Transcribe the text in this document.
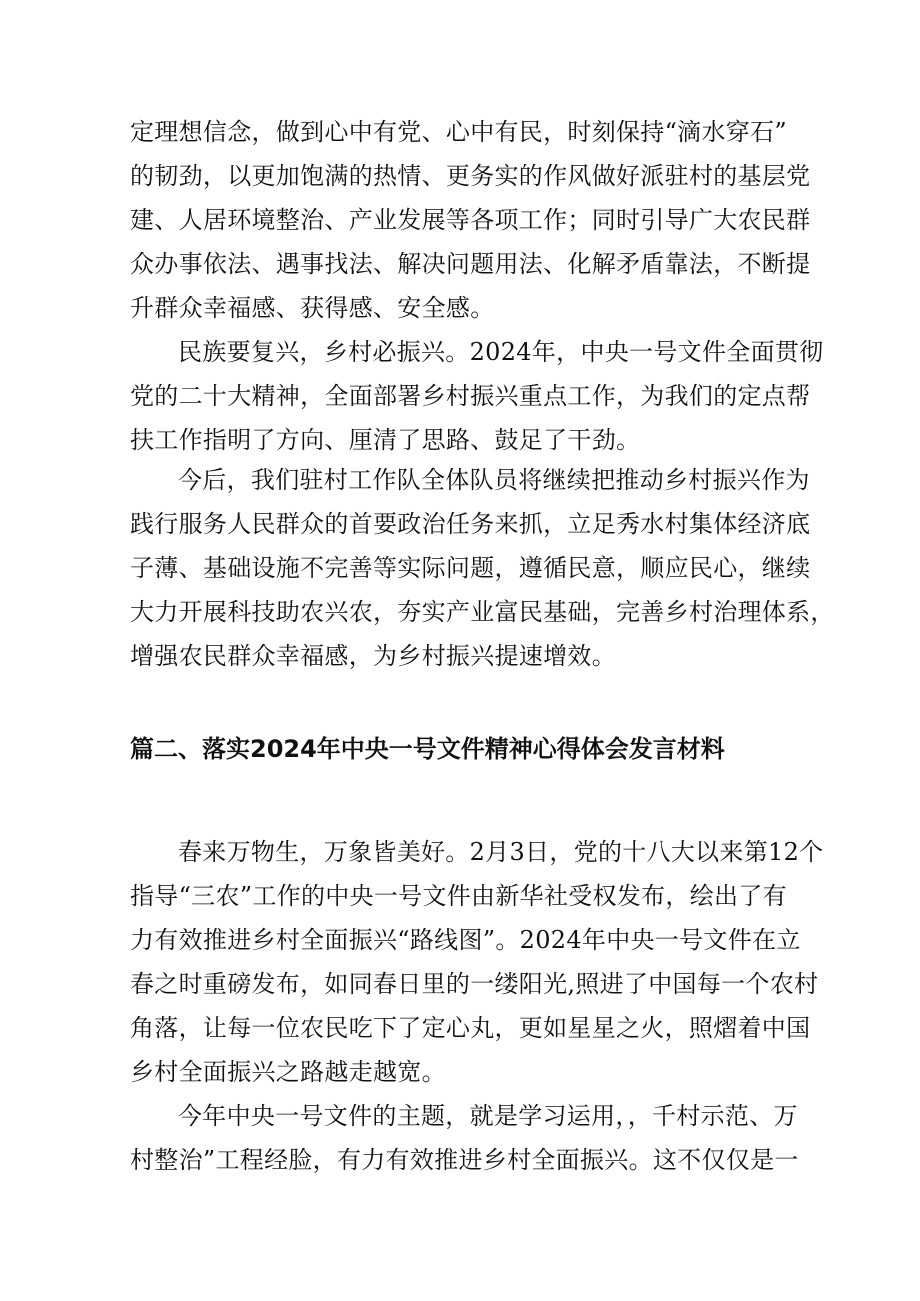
定理想信念，做到心中有党、心中有民，时刻保持“滴水穿石”
的韧劲，以更加饱满的热情、更务实的作风做好派驻村的基层党
建、人居环境整治、产业发展等各项工作；同时引导广大农民群
众办事依法、遇事找法、解决问题用法、化解矛盾靠法，不断提
升群众幸福感、获得感、安全感。
民族要复兴，乡村必振兴。2024年，中央一号文件全面贯彻
党的二十大精神，全面部署乡村振兴重点工作，为我们的定点帮
扶工作指明了方向、厘清了思路、鼓足了干劲。
今后，我们驻村工作队全体队员将继续把推动乡村振兴作为
践行服务人民群众的首要政治任务来抓，立足秀水村集体经济底
子薄、基础设施不完善等实际问题，遵循民意，顺应民心，继续
大力开展科技助农兴农，夯实产业富民基础，完善乡村治理体系，
增强农民群众幸福感，为乡村振兴提速增效。
篇二、落实2024年中央一号文件精神心得体会发言材料
春来万物生，万象皆美好。2月3日，党的十八大以来第12个
指导“三农”工作的中央一号文件由新华社受权发布，绘出了有
力有效推进乡村全面振兴“路线图”。2024年中央一号文件在立
春之时重磅发布，如同春日里的一缕阳光,照进了中国每一个农村
角落，让每一位农民吃下了定心丸，更如星星之火，照熠着中国
乡村全面振兴之路越走越宽。
今年中央一号文件的主题，就是学习运用，，千村示范、万
村整治”工程经脸，有力有效推进乡村全面振兴。这不仅仅是一
